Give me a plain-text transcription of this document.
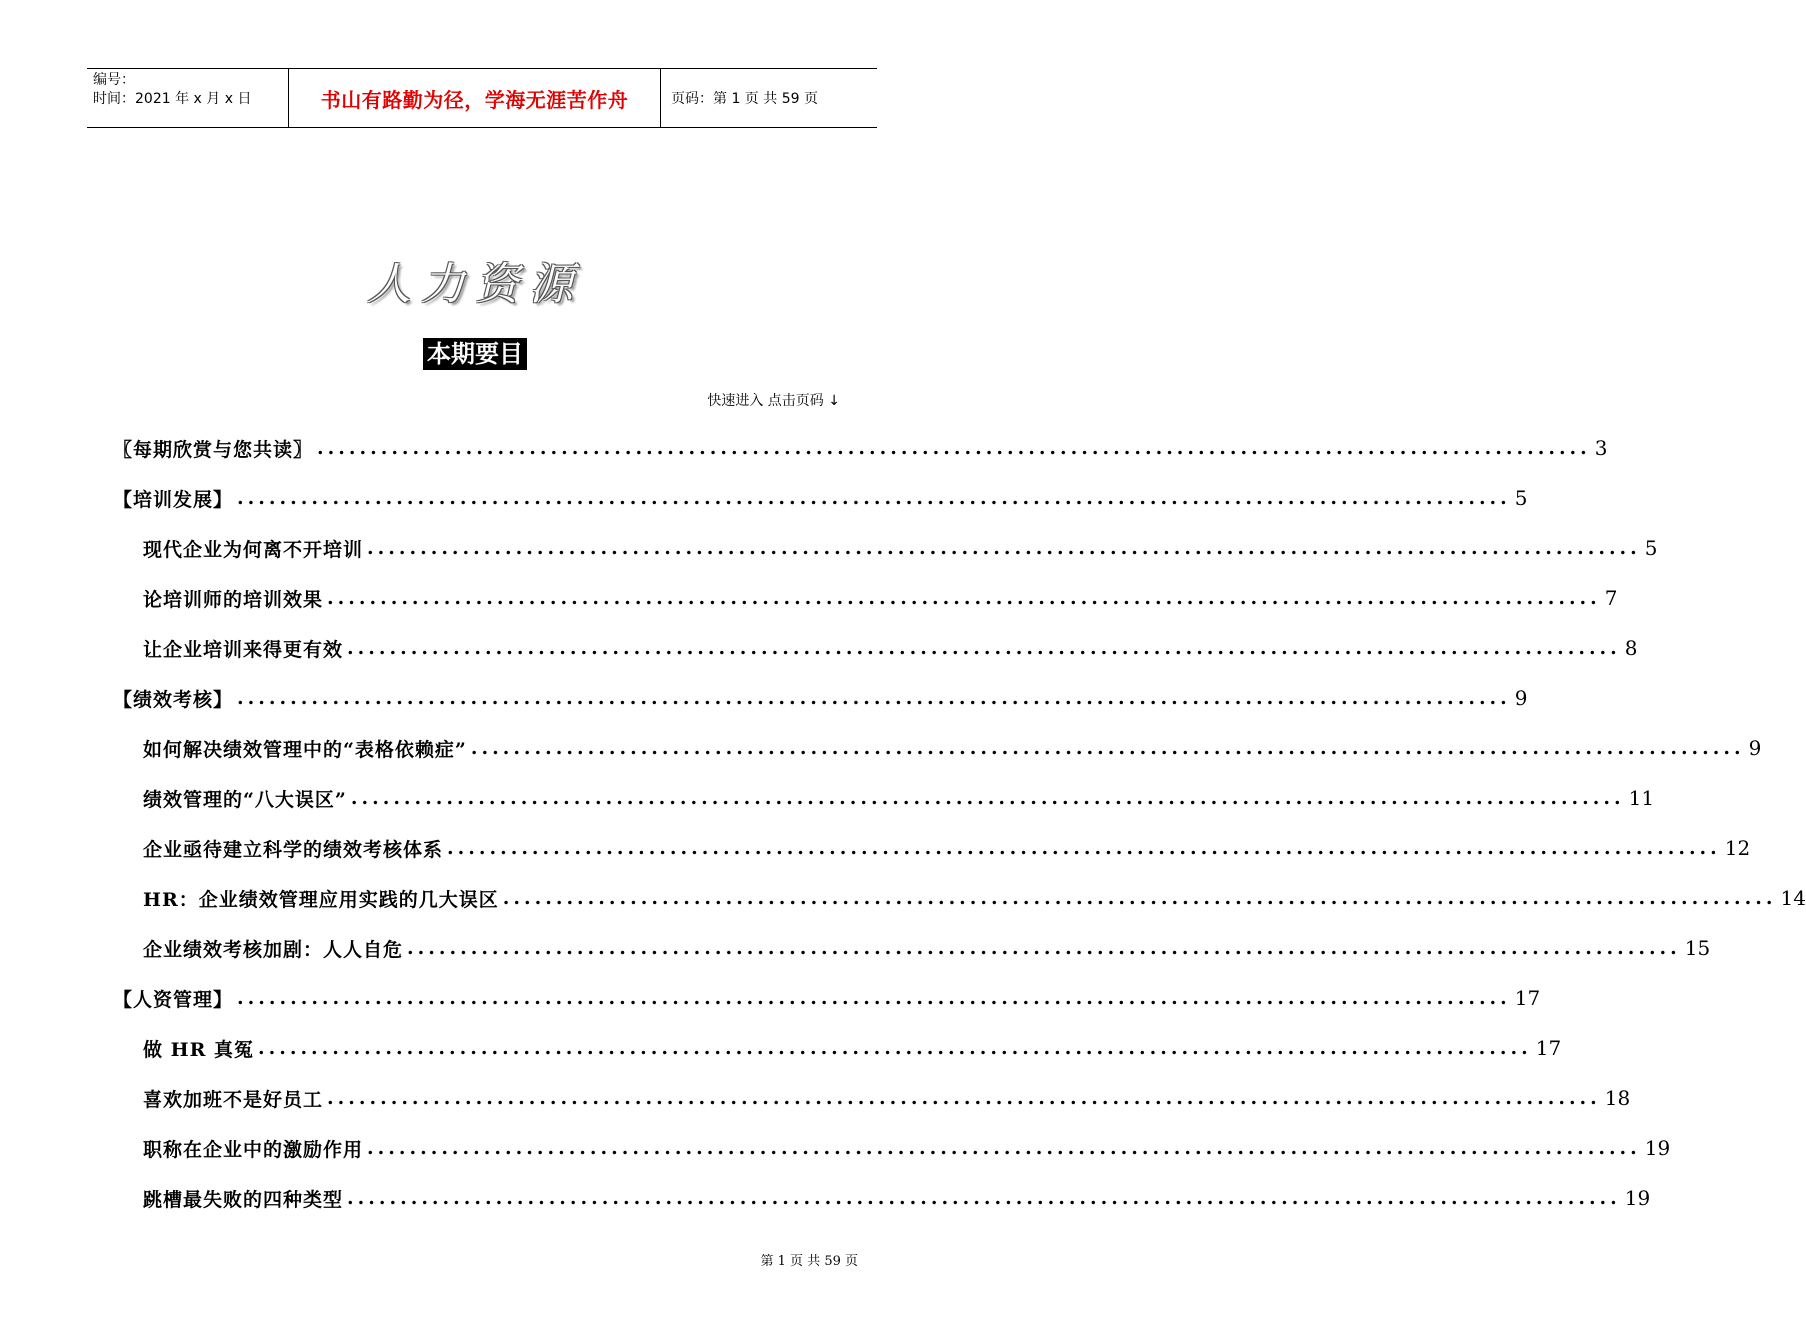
编号：
时间：2021 年 x 月 x 日	书山有路勤为径，学海无涯苦作舟	页码：第 1 页 共 59 页
人力资源
本期要目
快速进入 点击页码 ↓
〖每期欣赏与您共读〗 ........................................................................................................................ 3
【培训发展】 ........................................................................................................................ 5
现代企业为何离不开培训 ........................................................................................................................ 5
论培训师的培训效果 ........................................................................................................................ 7
让企业培训来得更有效 ........................................................................................................................ 8
【绩效考核】 ........................................................................................................................ 9
如何解决绩效管理中的“表格依赖症” ........................................................................................................................ 9
绩效管理的“八大误区” ........................................................................................................................ 11
企业亟待建立科学的绩效考核体系 ........................................................................................................................ 12
HR：企业绩效管理应用实践的几大误区 ........................................................................................................................ 14
企业绩效考核加剧：人人自危 ........................................................................................................................ 15
【人资管理】 ........................................................................................................................ 17
做 HR 真冤 ........................................................................................................................ 17
喜欢加班不是好员工 ........................................................................................................................ 18
职称在企业中的激励作用 ........................................................................................................................ 19
跳槽最失败的四种类型 ........................................................................................................................ 19
第 1 页 共 59 页
